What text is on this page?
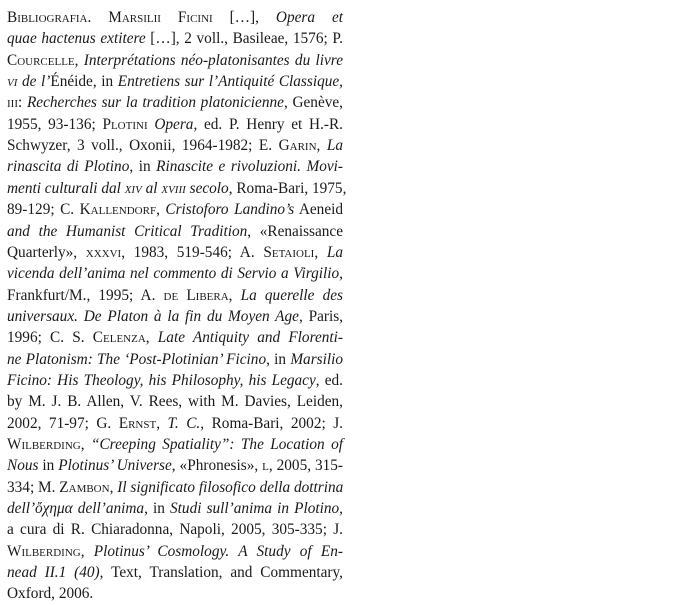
Bibliografia. Marsilii Ficini […], Opera et
quae hactenus extitere […], 2 voll., Basileae, 1576; P.
Courcelle, Interprétations néo-platonisantes du livre
vi de l’Énéide, in Entretiens sur l’Antiquité Classique,
iii: Recherches sur la tradition platonicienne, Genève,
1955, 93-136; Plotini Opera, ed. P. Henry et H.-R.
Schwyzer, 3 voll., Oxonii, 1964-1982; E. Garin, La
rinascita di Plotino, in Rinascite e rivoluzioni. Movi-
menti culturali dal xiv al xviii secolo, Roma-Bari, 1975,
89-129; C. Kallendorf, Cristoforo Landino’s Aeneid
and the Humanist Critical Tradition, «Renaissance
Quarterly», xxxvi, 1983, 519-546; A. Setaioli, La
vicenda dell’anima nel commento di Servio a Virgilio,
Frankfurt/M., 1995; A. de Libera, La querelle des
universaux. De Platon à la fin du Moyen Age, Paris,
1996; C. S. Celenza, Late Antiquity and Florenti-
ne Platonism: The ‘Post-Plotinian’ Ficino, in Marsilio
Ficino: His Theology, his Philosophy, his Legacy, ed.
by M. J. B. Allen, V. Rees, with M. Davies, Leiden,
2002, 71-97; G. Ernst, T. C., Roma-Bari, 2002; J.
Wilberding, “Creeping Spatiality”: The Location of
Nous in Plotinus’ Universe, «Phronesis», l, 2005, 315-
334; M. Zambon, Il significato filosofico della dottrina
dell’ὄχημα dell’anima, in Studi sull’anima in Plotino,
a cura di R. Chiaradonna, Napoli, 2005, 305-335; J.
Wilberding, Plotinus’ Cosmology. A Study of En-
nead II.1 (40), Text, Translation, and Commentary,
Oxford, 2006.
